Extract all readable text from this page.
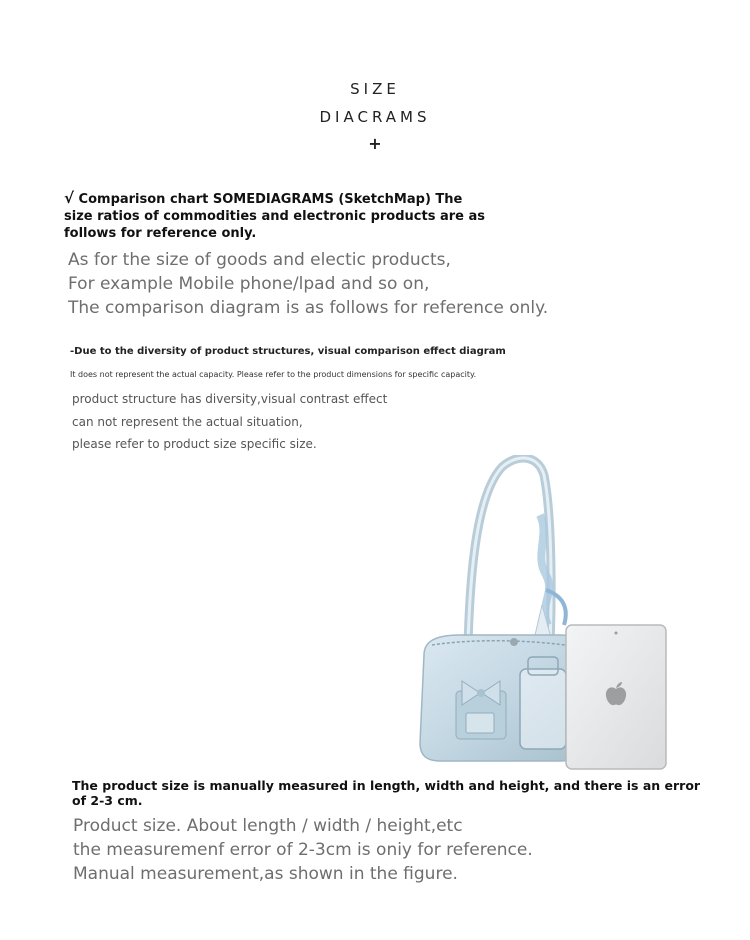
SIZE
DIACRAMS
+
√ Comparison chart SOMEDIAGRAMS (SketchMap) The
size ratios of commodities and electronic products are as
follows for reference only.
As for the size of goods and electic products,
For example Mobile phone/lpad and so on,
The comparison diagram is as follows for reference only.
-Due to the diversity of product structures, visual comparison effect diagram
It does not represent the actual capacity. Please refer to the product dimensions for specific capacity.
product structure has diversity,visual contrast effect
can not represent the actual situation,
please refer to product size specific size.
The product size is manually measured in length, width and height, and there is an error
of 2-3 cm.
Product size. About length / width / height,etc
the measuremenf error of 2-3cm is oniy for reference.
Manual measurement,as shown in the figure.
